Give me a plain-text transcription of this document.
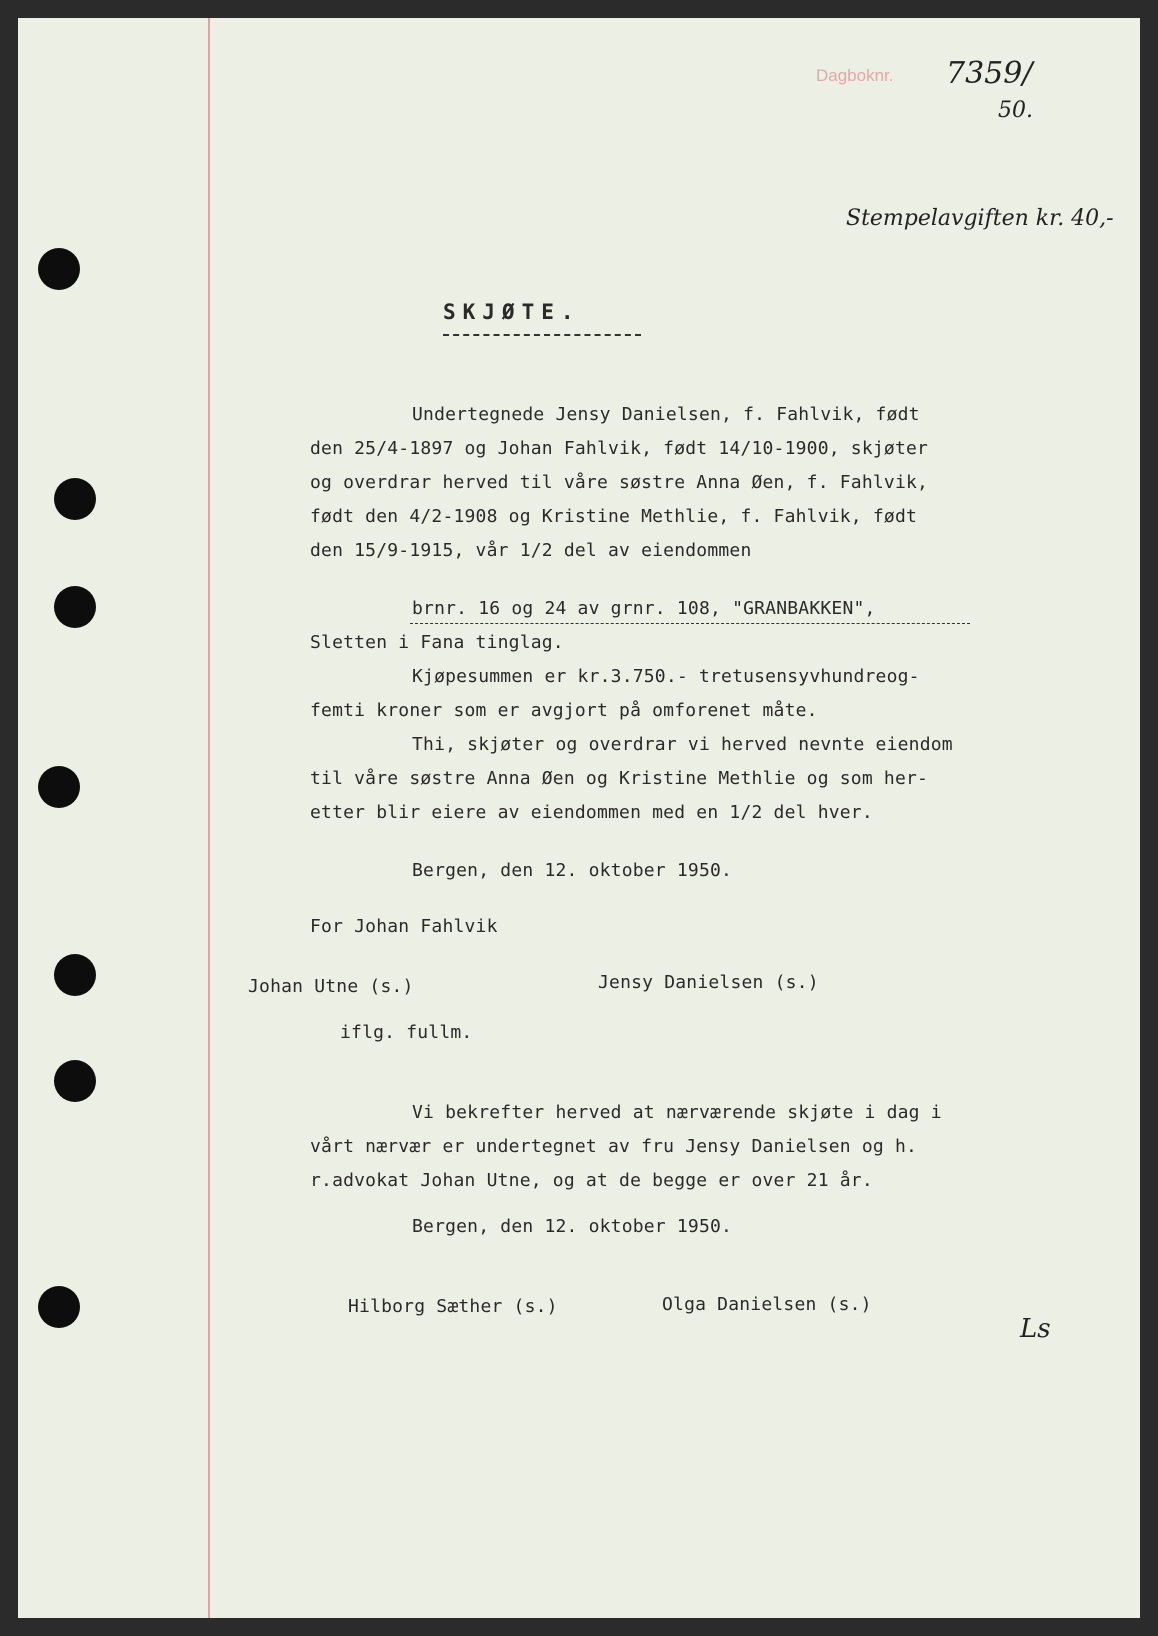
Dagboknr. 7359/
50.
Stempelavgiften kr. 40,-
SKJØTE.
Undertegnede Jensy Danielsen, f. Fahlvik, født
den 25/4-1897 og Johan Fahlvik, født 14/10-1900, skjøter
og overdrar herved til våre søstre Anna Øen, f. Fahlvik,
født den 4/2-1908 og Kristine Methlie, f. Fahlvik, født
den 15/9-1915, vår 1/2 del av eiendommen
brnr. 16 og 24 av grnr. 108, "GRANBAKKEN",
Sletten i Fana tinglag.
Kjøpesummen er kr.3.750.- tretusensyvhundreog-
femti kroner som er avgjort på omforenet måte.
Thi, skjøter og overdrar vi herved nevnte eiendom
til våre søstre Anna Øen og Kristine Methlie og som her-
etter blir eiere av eiendommen med en 1/2 del hver.
Bergen, den 12. oktober 1950.
For Johan Fahlvik
Johan Utne (s.)	Jensy Danielsen (s.)
iflg. fullm.
Vi bekrefter herved at nærværende skjøte i dag i
vårt nærvær er undertegnet av fru Jensy Danielsen og h.
r.advokat Johan Utne, og at de begge er over 21 år.
Bergen, den 12. oktober 1950.
Hilborg Sæther (s.)	Olga Danielsen (s.)
Ls
